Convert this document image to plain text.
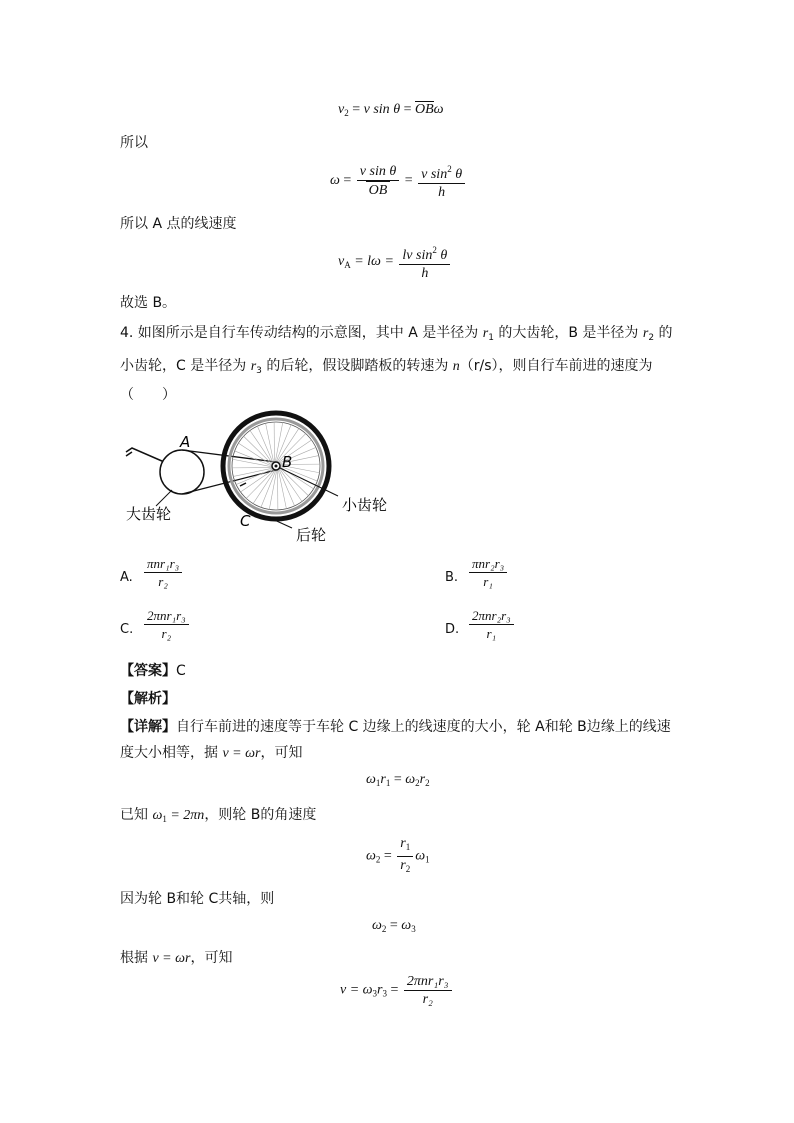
$v_2 = v$ sin θ = OBω
所以
$\omega = \frac{\text{v sin θ}}{OB} = \frac{v \sin^2 \theta}{h}$
所以 A 点的线速度
$v_A = l\omega = \frac{lv \sin^2 \theta}{h}$
故选 B。
4. 如图所示是自行车传动结构的示意图，其中 A 是半径为 $r_1$ 的大齿轮，B 是半径为 $r_2$ 的
小齿轮，C 是半径为 $r_3$ 的后轮，假设脚踏板的转速为 n（r/s），则自行车前进的速度为
（　　）
A
B
C
大齿轮	小齿轮
后轮
A.
πnr₁r₃
r₂	B.
πnr₂r₃
r₁
C.
2πnr₁r₃
r₂	D.
2πnr₂r₃
r₁
【答案】C
【解析】
【详解】自行车前进的速度等于车轮 C 边缘上的线速度的大小，轮 A和轮 B边缘上的线速
度大小相等，据 v = ωr，可知
$\omega_1r_1 = \omega_2r_2$
已知 $\omega_1 = 2\pi n$，则轮 B的角速度
$\omega_2 = \frac{r_1}{r_2} \omega_1$
因为轮 B和轮 C共轴，则
$\omega_2 = \omega_3$
根据 v = ωr，可知
$v = \omega_3r_3 = \frac{\text{2πnr₁r₃}}{\text{r₂}}$
